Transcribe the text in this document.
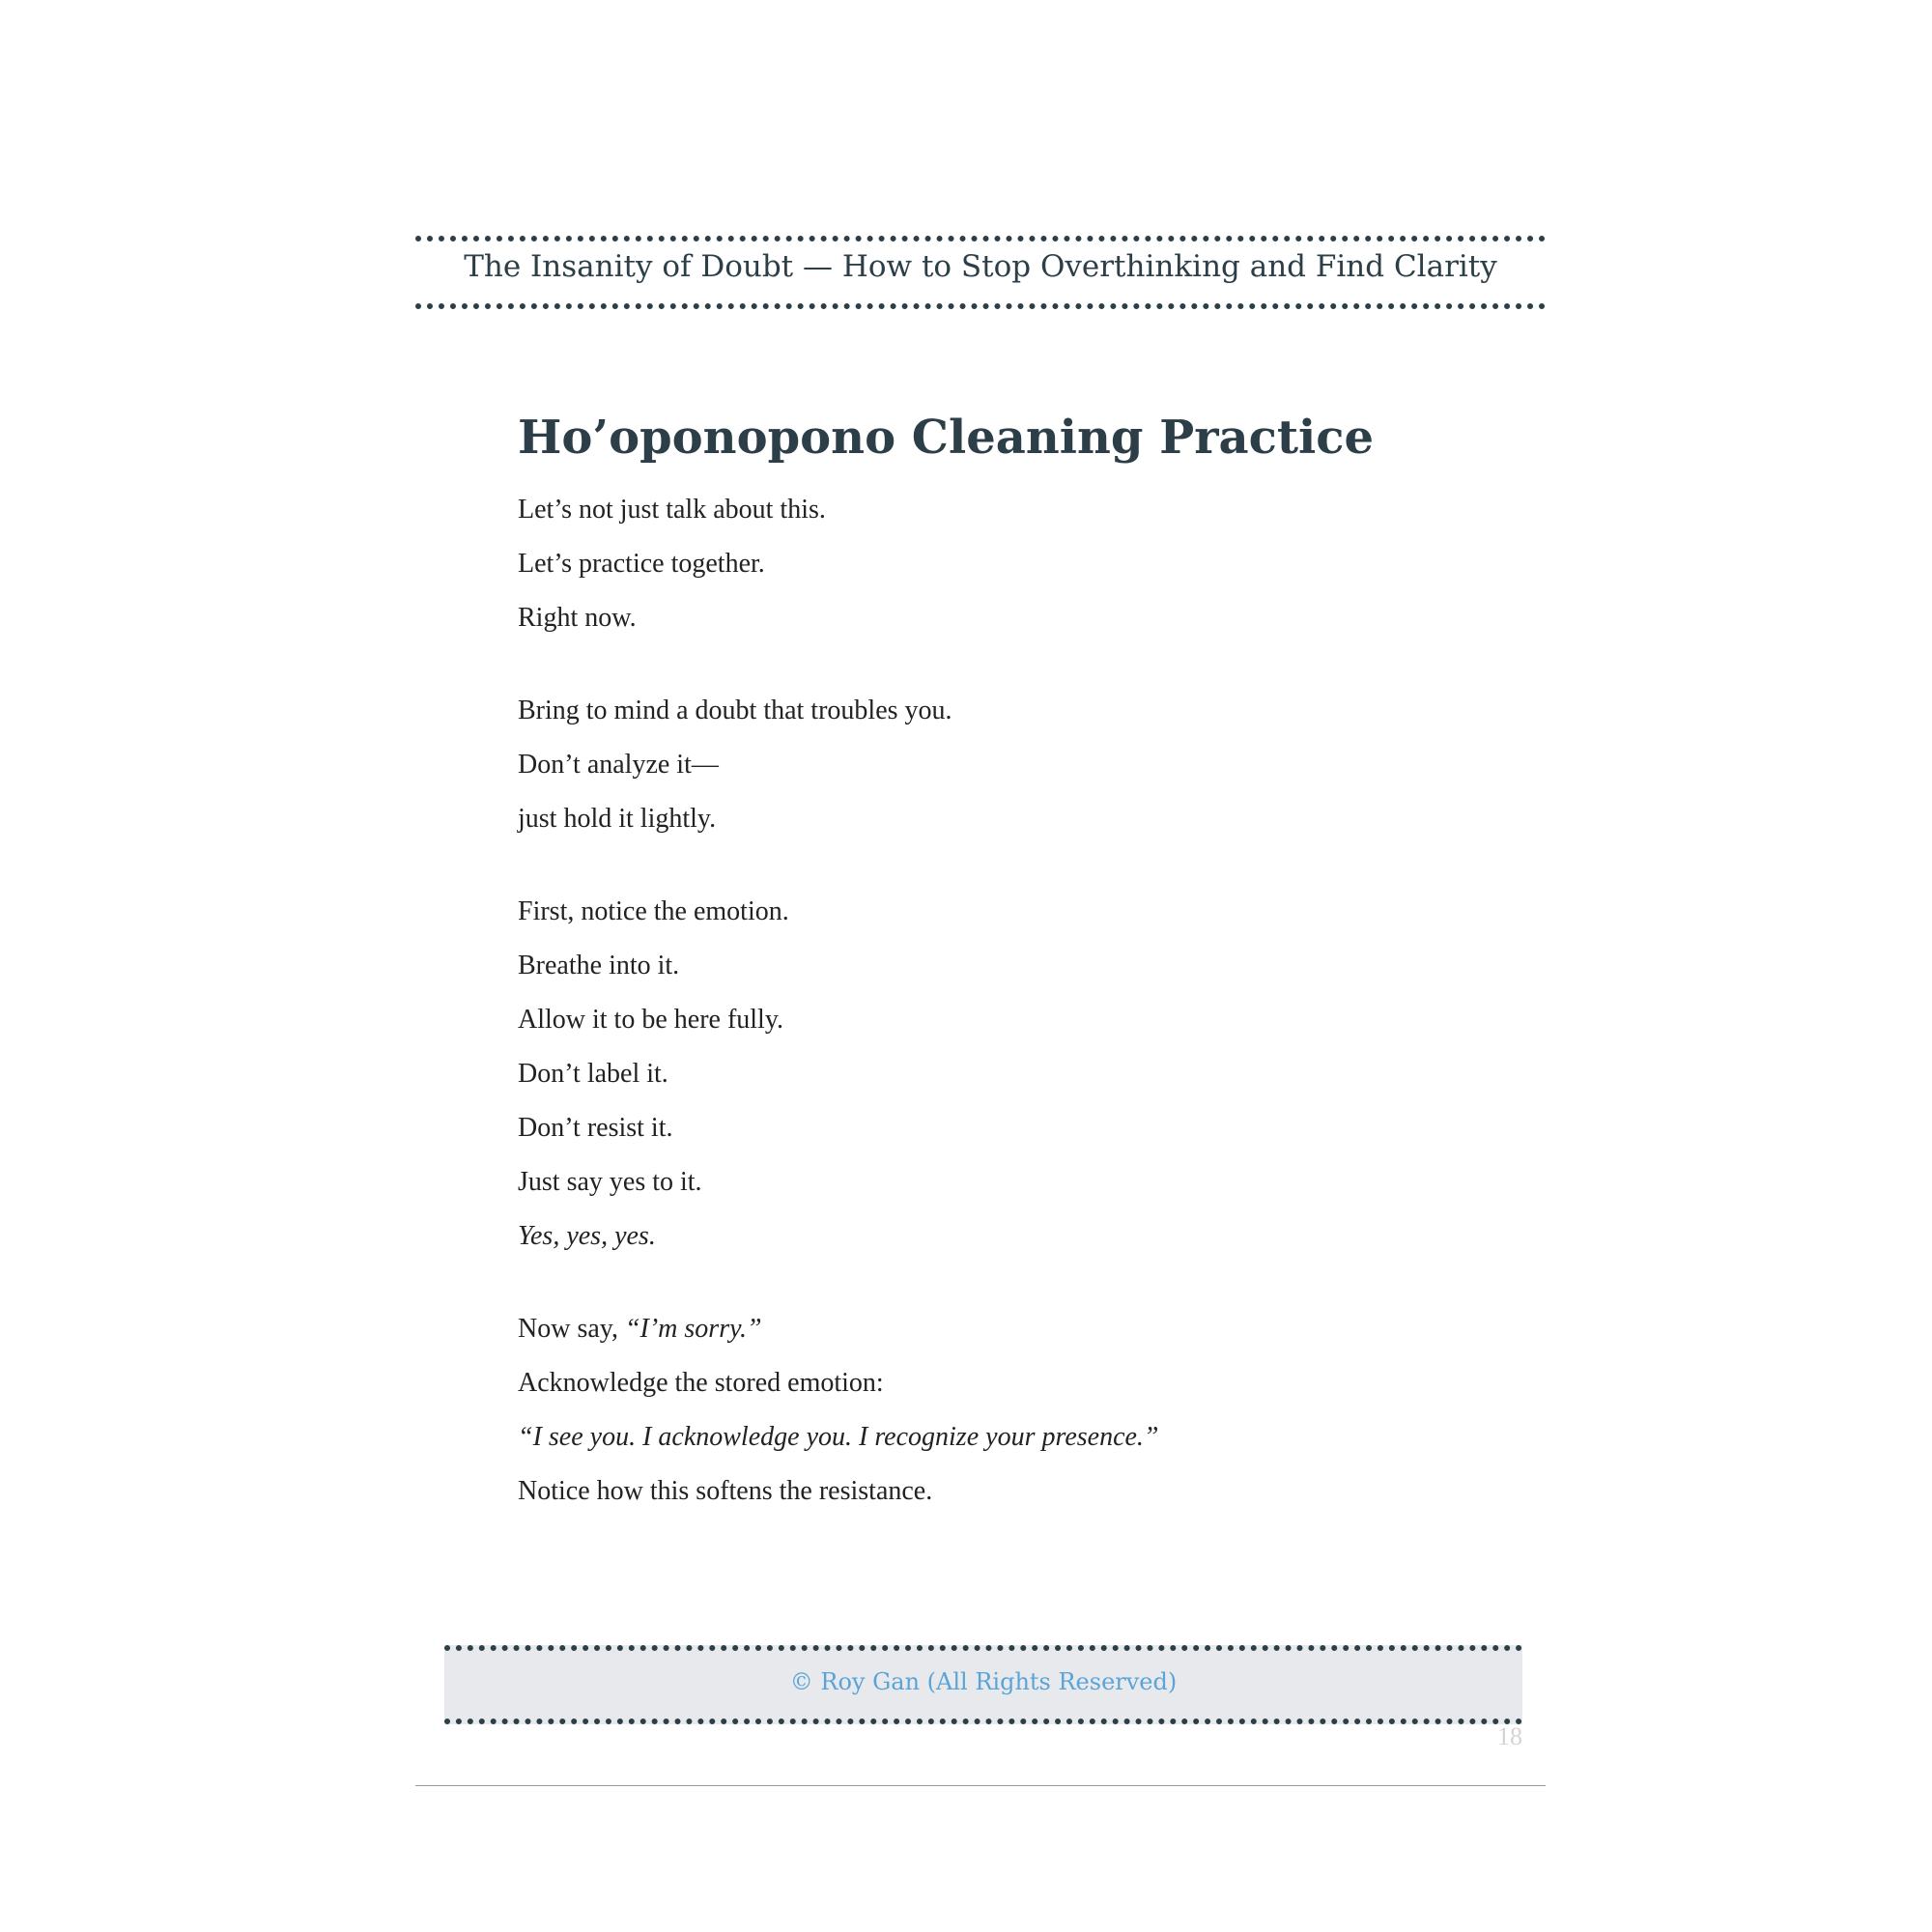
The Insanity of Doubt — How to Stop Overthinking and Find Clarity
Ho’oponopono Cleaning Practice
Let’s not just talk about this.
Let’s practice together.
Right now.
Bring to mind a doubt that troubles you.
Don’t analyze it—
just hold it lightly.
First, notice the emotion.
Breathe into it.
Allow it to be here fully.
Don’t label it.
Don’t resist it.
Just say yes to it.
Yes, yes, yes.
Now say, “I’m sorry.”
Acknowledge the stored emotion:
“I see you. I acknowledge you. I recognize your presence.”
Notice how this softens the resistance.
© Roy Gan (All Rights Reserved)
18
